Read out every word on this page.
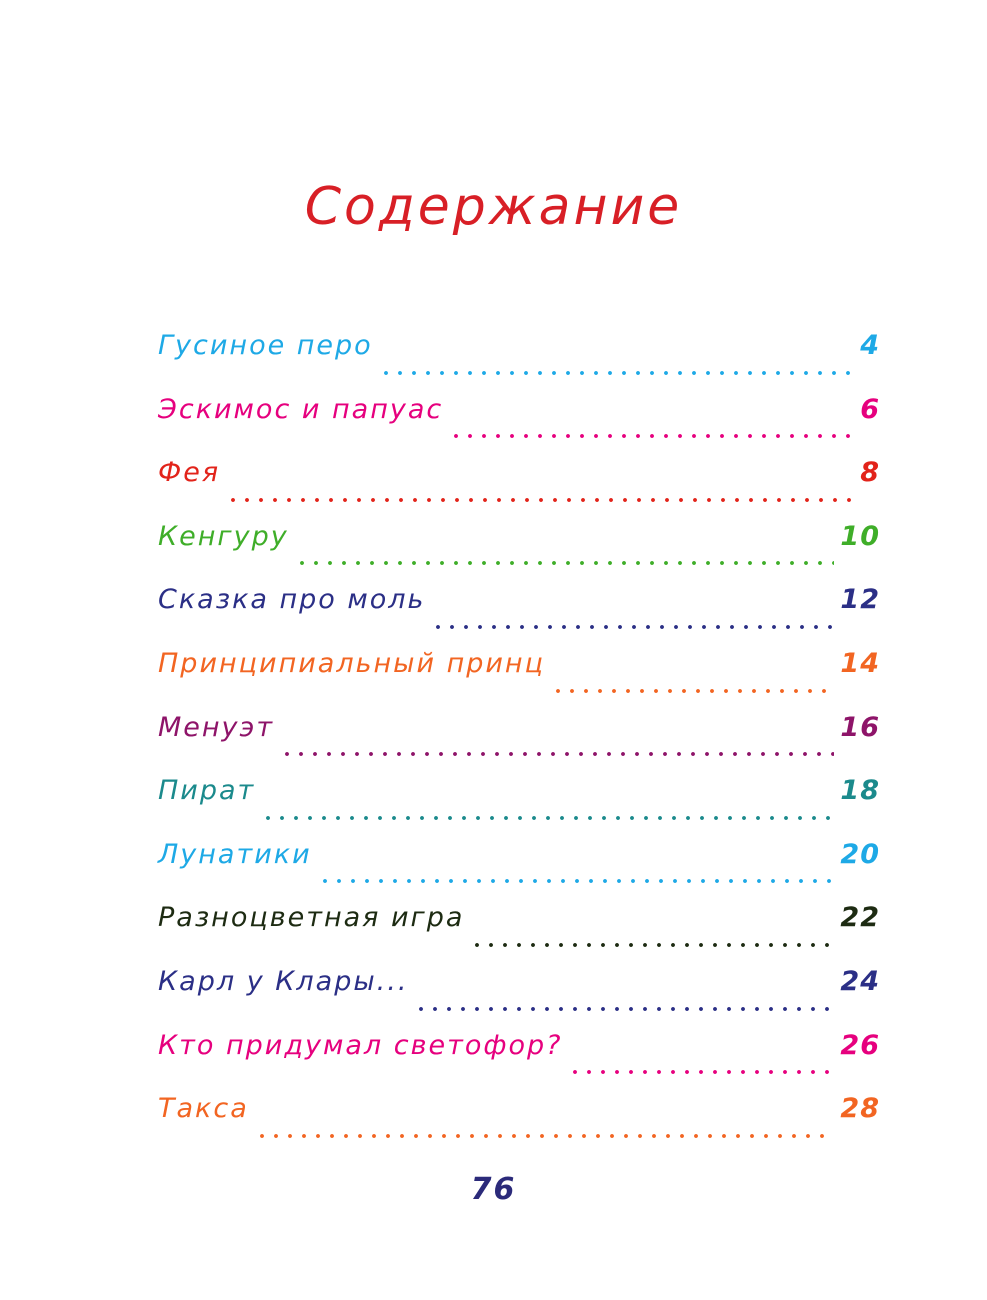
Содержание
Гусиное перо	4
Эскимос и папуас	6
Фея	8
Кенгуру	10
Сказка про моль	12
Принципиальный принц	14
Менуэт	16
Пират	18
Лунатики	20
Разноцветная игра	22
Карл у Клары...	24
Кто придумал светофор?	26
Такса	28
76
